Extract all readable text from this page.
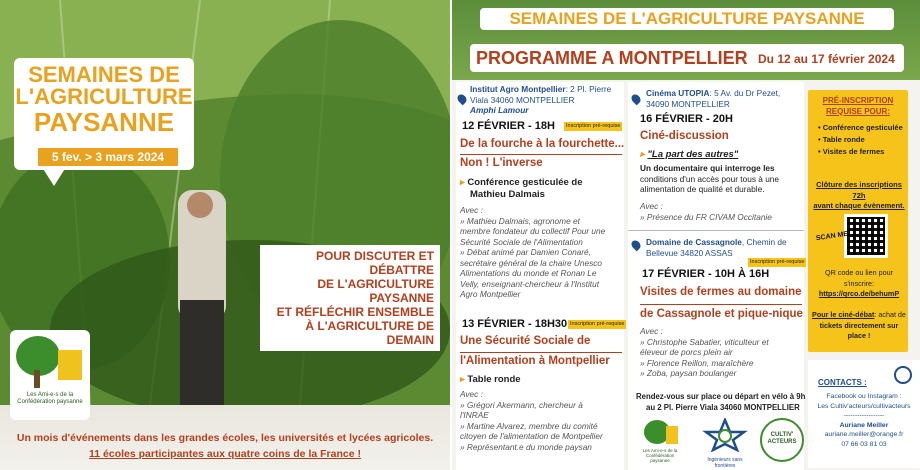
SEMAINES DE
L'AGRICULTURE
PAYSANNE
5 fev. > 3 mars 2024
POUR DISCUTER ET DÉBATTRE
DE L'AGRICULTURE PAYSANNE
ET RÉFLÉCHIR ENSEMBLE
À L'AGRICULTURE DE DEMAIN
Les Ami-e-s de la Confédération paysanne
Un mois d'événements dans les grandes écoles, les universités et lycées agricoles.
11 écoles participantes aux quatre coins de la France !
SEMAINES DE L'AGRICULTURE PAYSANNE
PROGRAMME A MONTPELLIER Du 12 au 17 février 2024
Institut Agro Montpellier: 2 Pl. Pierre
Viala 34060 MONTPELLIER
Amphi Lamour
12 FÉVRIER - 18H	Inscription pré-requise
De la fourche à la fourchette...
Non ! L'inverse
▸ Conférence gesticulée de
Mathieu Dalmais
Avec :
» Mathieu Dalmais, agronome et
membre fondateur du collectif Pour une
Sécurité Sociale de l'Alimentation
» Débat animé par Damien Conaré,
secrétaire général de la chaire Unesco
Alimentations du monde et Ronan Le
Velly, enseignant-chercheur à l'Institut
Agro Montpellier
13 FÉVRIER - 18H30 Inscription pré-requise
Une Sécurité Sociale de
l'Alimentation à Montpellier
▸ Table ronde
Avec :
» Grégori Akermann, chercheur à
l'INRAE
» Martine Alvarez, membre du comité
citoyen de l'alimentation de Montpellier
» Représentant.e du monde paysan
Cinéma UTOPIA: 5 Av. du Dr Pezet,
34090 MONTPELLIER
16 FÉVRIER - 20H
Ciné-discussion
▸ "La part des autres"
Un documentaire qui interroge les
conditions d'un accès pour tous à une
alimentation de qualité et durable.
Avec :
» Présence du FR CIVAM Occitanie
Domaine de Cassagnole, Chemin de
Bellevue 34820 ASSAS
Inscription pré-requise
17 FÉVRIER - 10H À 16H
Visites de fermes au domaine
de Cassagnole et pique-nique
Avec :
» Christophe Sabatier, viticulteur et
éleveur de porcs plein air
» Florence Reillon, maraîchère
» Zoba, paysan boulanger
Rendez-vous sur place ou départ en vélo à 9h
au 2 Pl. Pierre Viala 34060 MONTPELLIER
Les Ami-e-s de la Confédération paysanne	Ingénieurs sans frontières
CULTIV' ACTEURS
PRÉ-INSCRIPTION
REQUISE POUR:
• Conférence gesticulée
• Table ronde
• Visites de fermes
Clôture des inscriptions 72h
avant chaque évènement.
SCAN ME
QR code ou lien pour s'inscrire:
https://qrco.de/behumP
Pour le ciné-débat: achat de
tickets directement sur place !
CONTACTS :
Facebook ou Instagram :
Les Cultiv'acteurs/cultivacteurs
------------------
Auriane Meiller
auriane.meiller@orange.fr
07 66 03 81 03
